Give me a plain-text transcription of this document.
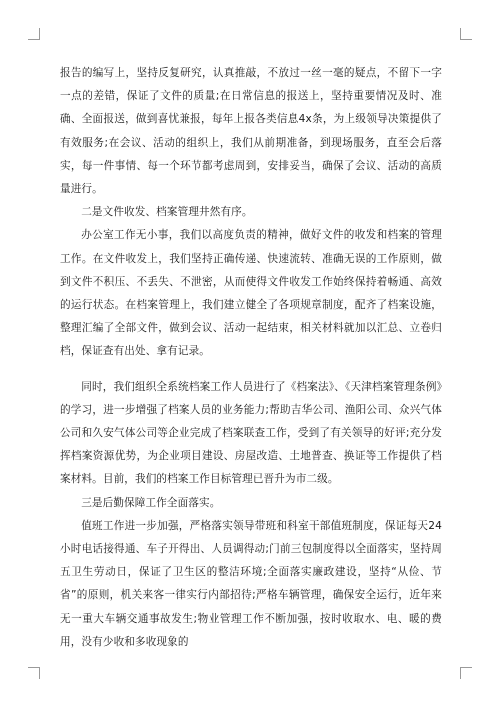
报告的编写上，坚持反复研究，认真推敲，不放过一丝一毫的疑点，不留下一字一点的差错，保证了文件的质量;在日常信息的报送上，坚持重要情况及时、准确、全面报送，做到喜忧兼报，每年上报各类信息4x条，为上级领导决策提供了有效服务;在会议、活动的组织上，我们从前期准备，到现场服务，直至会后落实，每一件事情、每一个环节都考虑周到，安排妥当，确保了会议、活动的高质量进行。

二是文件收发、档案管理井然有序。

办公室工作无小事，我们以高度负责的精神，做好文件的收发和档案的管理工作。在文件收发上，我们坚持正确传递、快速流转、准确无误的工作原则，做到文件不积压、不丢失、不泄密，从而使得文件收发工作始终保持着畅通、高效的运行状态。在档案管理上，我们建立健全了各项规章制度，配齐了档案设施，整理汇编了全部文件，做到会议、活动一起结束，相关材料就加以汇总、立卷归档，保证查有出处、拿有记录。

同时，我们组织全系统档案工作人员进行了《档案法》、《天津档案管理条例》的学习，进一步增强了档案人员的业务能力;帮助吉华公司、渔阳公司、众兴气体公司和久安气体公司等企业完成了档案联查工作，受到了有关领导的好评;充分发挥档案资源优势，为企业项目建设、房屋改造、土地普查、换证等工作提供了档案材料。目前，我们的档案工作目标管理已晋升为市二级。

三是后勤保障工作全面落实。

值班工作进一步加强，严格落实领导带班和科室干部值班制度，保证每天24小时电话接得通、车子开得出、人员调得动;门前三包制度得以全面落实，坚持周五卫生劳动日，保证了卫生区的整洁环境;全面落实廉政建设，坚持“从俭、节省”的原则，机关来客一律实行内部招待;严格车辆管理，确保安全运行，近年来无一重大车辆交通事故发生;物业管理工作不断加强，按时收取水、电、暖的费用，没有少收和多收现象的
